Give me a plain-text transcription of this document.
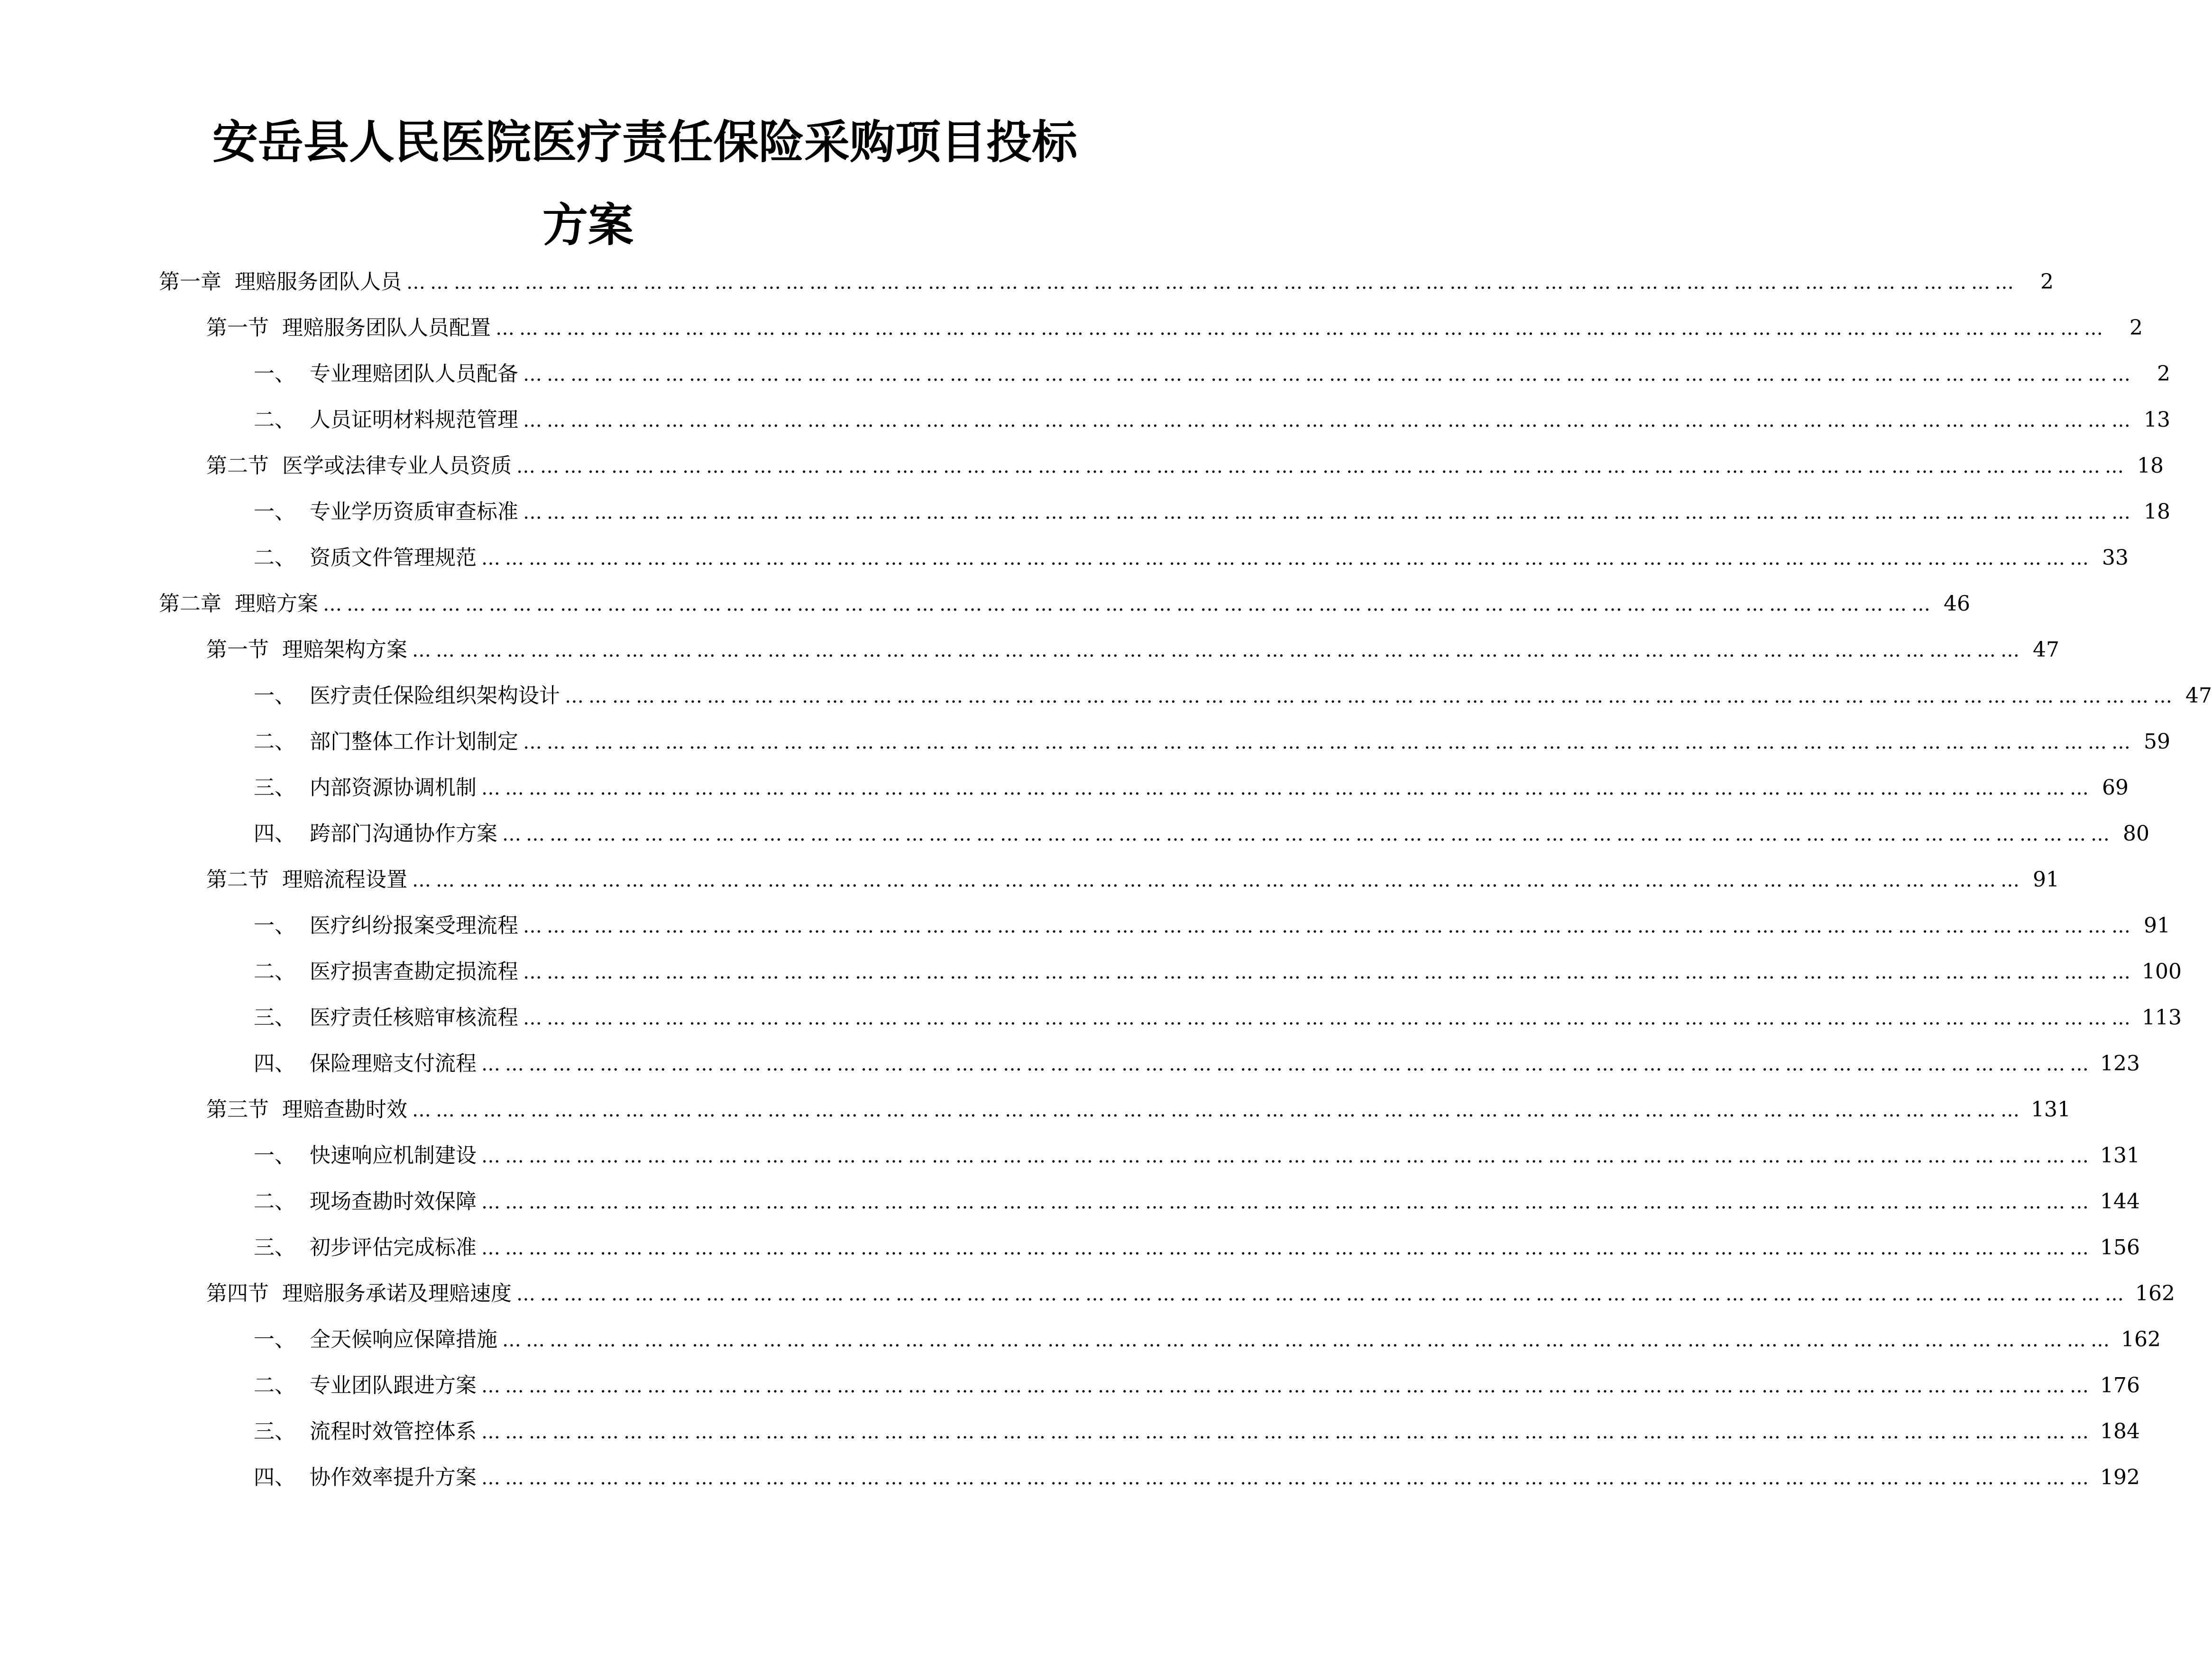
安岳县人民医院医疗责任保险采购项目投标
方案
第一章 理赔服务团队人员 ……………………………………………………………………………………………………………………………………………………………………………………	2
第一节 理赔服务团队人员配置 ……………………………………………………………………………………………………………………………………………………………………………………	2
一、 专业理赔团队人员配备 ……………………………………………………………………………………………………………………………………………………………………………………	2
二、 人员证明材料规范管理 …………………………………………………………………………………………………………………………………………………………………………………… 13
第二节 医学或法律专业人员资质 …………………………………………………………………………………………………………………………………………………………………………………… 18
一、 专业学历资质审查标准 …………………………………………………………………………………………………………………………………………………………………………………… 18
二、 资质文件管理规范 …………………………………………………………………………………………………………………………………………………………………………………… 33
第二章 理赔方案 …………………………………………………………………………………………………………………………………………………………………………………… 46
第一节 理赔架构方案 …………………………………………………………………………………………………………………………………………………………………………………… 47
一、 医疗责任保险组织架构设计 …………………………………………………………………………………………………………………………………………………………………………………… 47
二、 部门整体工作计划制定 …………………………………………………………………………………………………………………………………………………………………………………… 59
三、 内部资源协调机制 …………………………………………………………………………………………………………………………………………………………………………………… 69
四、 跨部门沟通协作方案 …………………………………………………………………………………………………………………………………………………………………………………… 80
第二节 理赔流程设置 …………………………………………………………………………………………………………………………………………………………………………………… 91
一、 医疗纠纷报案受理流程 …………………………………………………………………………………………………………………………………………………………………………………… 91
二、 医疗损害查勘定损流程 …………………………………………………………………………………………………………………………………………………………………………………… 100
三、 医疗责任核赔审核流程 …………………………………………………………………………………………………………………………………………………………………………………… 113
四、 保险理赔支付流程 …………………………………………………………………………………………………………………………………………………………………………………… 123
第三节 理赔查勘时效 …………………………………………………………………………………………………………………………………………………………………………………… 131
一、 快速响应机制建设 …………………………………………………………………………………………………………………………………………………………………………………… 131
二、 现场查勘时效保障 …………………………………………………………………………………………………………………………………………………………………………………… 144
三、 初步评估完成标准 …………………………………………………………………………………………………………………………………………………………………………………… 156
第四节 理赔服务承诺及理赔速度 …………………………………………………………………………………………………………………………………………………………………………………… 162
一、 全天候响应保障措施 …………………………………………………………………………………………………………………………………………………………………………………… 162
二、 专业团队跟进方案 …………………………………………………………………………………………………………………………………………………………………………………… 176
三、 流程时效管控体系 …………………………………………………………………………………………………………………………………………………………………………………… 184
四、 协作效率提升方案 …………………………………………………………………………………………………………………………………………………………………………………… 192
